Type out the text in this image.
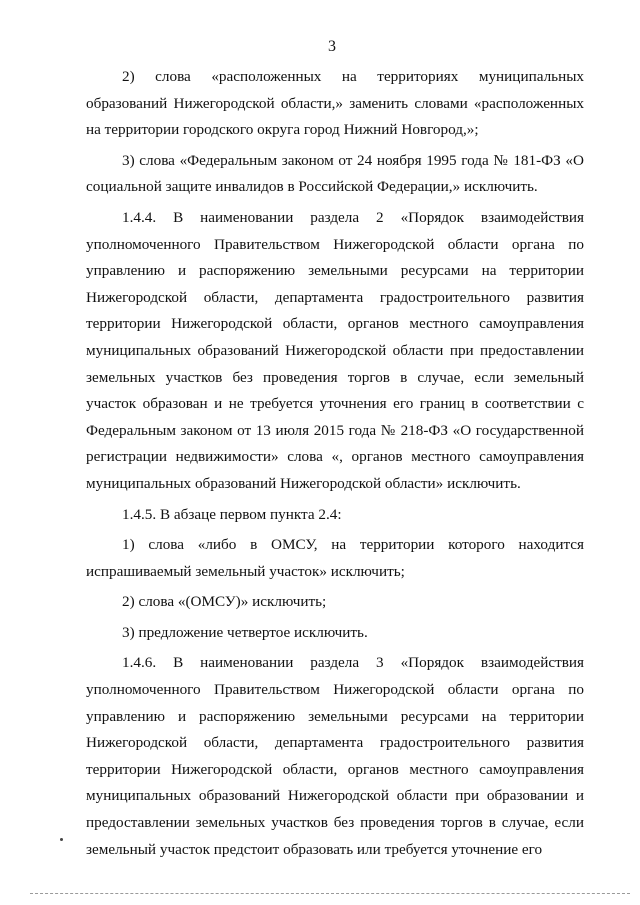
3

2) слова «расположенных на территориях муниципальных образований Нижегородской области,» заменить словами «расположенных на территории городского округа город Нижний Новгород,»;

3) слова «Федеральным законом от 24 ноября 1995 года № 181-ФЗ «О социальной защите инвалидов в Российской Федерации,» исключить.

1.4.4. В наименовании раздела 2 «Порядок взаимодействия уполномоченного Правительством Нижегородской области органа по управлению и распоряжению земельными ресурсами на территории Нижегородской области, департамента градостроительного развития территории Нижегородской области, органов местного самоуправления муниципальных образований Нижегородской области при предоставлении земельных участков без проведения торгов в случае, если земельный участок образован и не требуется уточнения его границ в соответствии с Федеральным законом от 13 июля 2015 года № 218-ФЗ «О государственной регистрации недвижимости» слова «, органов местного самоуправления муниципальных образований Нижегородской области» исключить.

1.4.5. В абзаце первом пункта 2.4:

1) слова «либо в ОМСУ, на территории которого находится испрашиваемый земельный участок» исключить;

2) слова «(ОМСУ)» исключить;

3) предложение четвертое исключить.

1.4.6. В наименовании раздела 3 «Порядок взаимодействия уполномоченного Правительством Нижегородской области органа по управлению и распоряжению земельными ресурсами на территории Нижегородской области, департамента градостроительного развития территории Нижегородской области, органов местного самоуправления муниципальных образований Нижегородской области при образовании и предоставлении земельных участков без проведения торгов в случае, если земельный участок предстоит образовать или требуется уточнение его
